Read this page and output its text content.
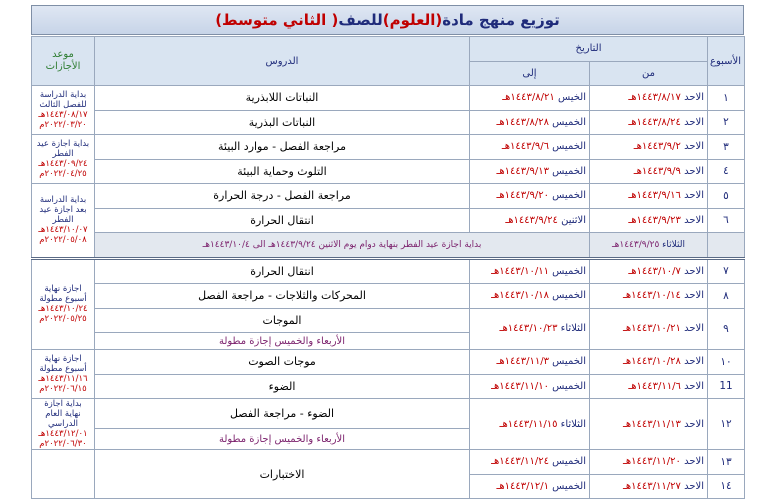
توزيع منهج مادة
(العلوم)
للصف
( الثاني متوسط)
الأسبوع	التاريخ		الدروس	موعد الأجازات
	من	إلى		
١	الاحد ١٤٤٣/٨/١٧هـ	الخيس ١٤٤٣/٨/٢١هـ	النباتات اللابذرية	بداية الدراسة للفصل الثالث
١٤٤٣/٠٨/١٧هـ
٢٠٢٢/٠٣/٢٠م
٢	الاحد ١٤٤٣/٨/٢٤هـ	الخميس ١٤٤٣/٨/٢٨هـ	النباتات البذرية	
٣	الاحد ١٤٤٣/٩/٢هـ	الخميس ١٤٤٣/٩/٦هـ	مراجعة الفصل - موارد البيئة	بداية اجازة عيد الفطر
١٤٤٣/٠٩/٢٤هـ
٢٠٢٢/٠٤/٢٥م
٤	الاحد ١٤٤٣/٩/٩هـ	الخميس ١٤٤٣/٩/١٣هـ	التلوث وحماية البيئة	
٥	الاحد ١٤٤٣/٩/١٦هـ	الخميس ١٤٤٣/٩/٢٠هـ	مراجعة الفصل - درجة الحرارة	بداية الدراسة بعد اجازة عيد الفطر
١٤٤٣/١٠/٠٧هـ
٢٠٢٢/٠٥/٠٨م
٦	الاحد ١٤٤٣/٩/٢٣هـ	الاثنين ١٤٤٣/٩/٢٤هـ	انتقال الحرارة	
	الثلاثاء ١٤٤٣/٩/٢٥هـ	بداية اجازة عيد الفطر بنهاية دوام يوم الاثنين ١٤٤٣/٩/٢٤هـ الى ١٤٤٣/١٠/٤هـ		
٧	الاحد ١٤٤٣/١٠/٧هـ	الخميس ١٤٤٣/١٠/١١هـ	انتقال الحرارة	اجازة نهاية أسبوع مطولة
١٤٤٣/١٠/٢٤هـ
٢٠٢٢/٠٥/٢٥م
٨	الاحد ١٤٤٣/١٠/١٤هـ	الخميس ١٤٤٣/١٠/١٨هـ	المحركات والثلاجات - مراجعة الفصل	
٩	الاحد ١٤٤٣/١٠/٢١هـ	الثلاثاء ١٤٤٣/١٠/٢٣هـ	الموجات	
			الأربعاء والخميس إجازة مطولة	
١٠	الاحد ١٤٤٣/١٠/٢٨هـ	الخميس ١٤٤٣/١١/٣هـ	موجات الصوت	اجازة نهاية أسبوع مطولة
١٤٤٣/١١/١٦هـ
٢٠٢٢/٠٦/١٥م
11	الاحد ١٤٤٣/١١/٦هـ	الخميس ١٤٤٣/١١/١٠هـ	الضوء	
١٢	الاحد ١٤٤٣/١١/١٣هـ	الثلاثاء ١٤٤٣/١١/١٥هـ	الضوء - مراجعة الفصل	بداية اجازة نهاية العام الدراسي
١٤٤٣/١٢/٠١هـ
٢٠٢٢/٠٦/٣٠م
			الأربعاء والخميس إجازة مطولة	
١٣	الاحد ١٤٤٣/١١/٢٠هـ	الخميس ١٤٤٣/١١/٢٤هـ	الاختبارات	
١٤	الاحد ١٤٤٣/١١/٢٧هـ	الخميس ١٤٤٣/١٢/١هـ		
